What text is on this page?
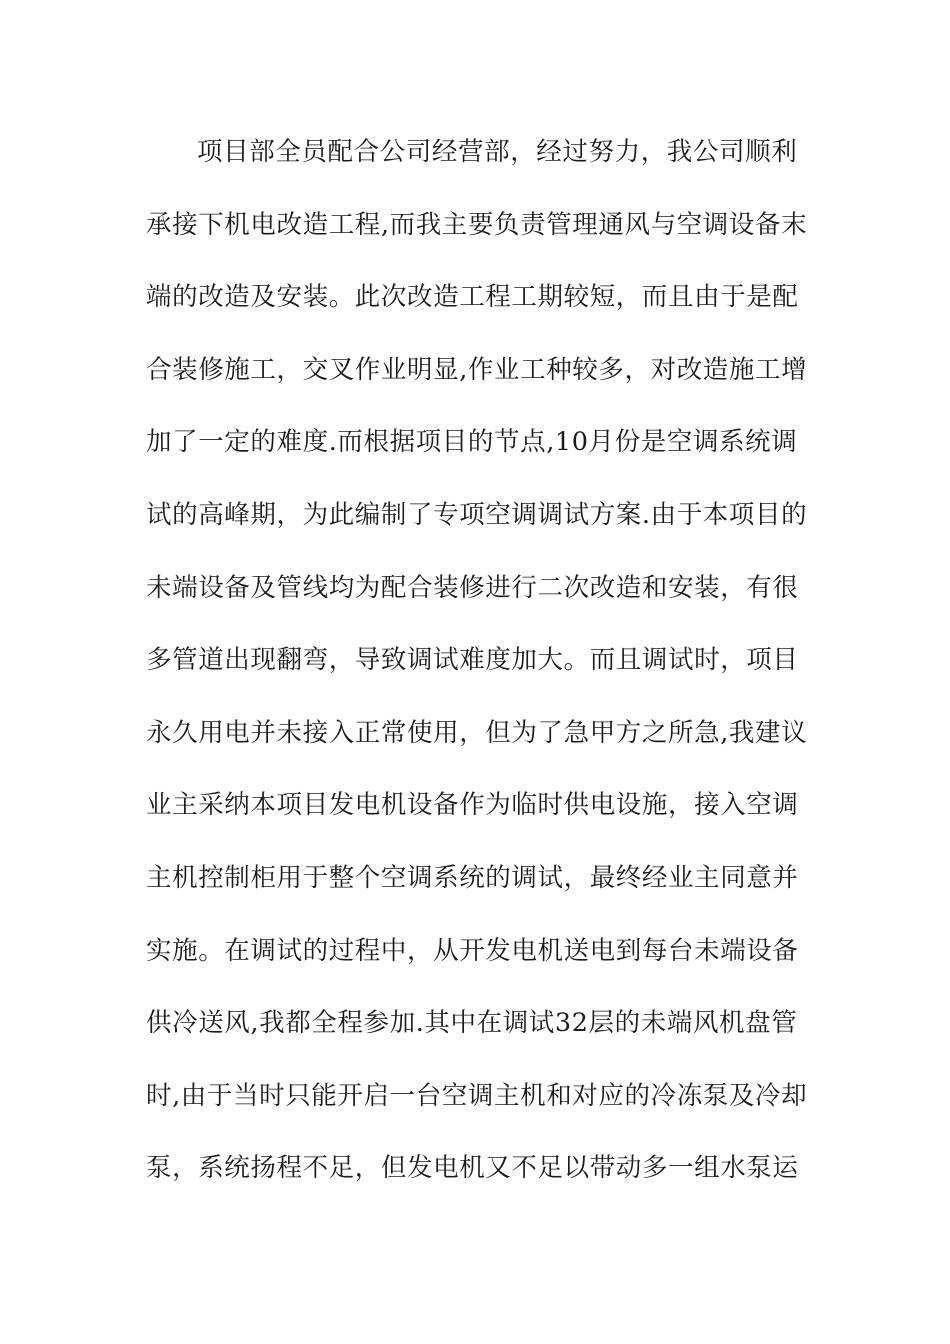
项目部全员配合公司经营部，经过努力，我公司顺利
承接下机电改造工程,而我主要负责管理通风与空调设备末
端的改造及安装。此次改造工程工期较短，而且由于是配
合装修施工，交叉作业明显,作业工种较多，对改造施工增
加了一定的难度.而根据项目的节点,10月份是空调系统调
试的高峰期，为此编制了专项空调调试方案.由于本项目的
未端设备及管线均为配合装修进行二次改造和安装，有很
多管道出现翻弯，导致调试难度加大。而且调试时，项目
永久用电并未接入正常使用，但为了急甲方之所急,我建议
业主采纳本项目发电机设备作为临时供电设施，接入空调
主机控制柜用于整个空调系统的调试，最终经业主同意并
实施。在调试的过程中，从开发电机送电到每台未端设备
供冷送风,我都全程参加.其中在调试32层的未端风机盘管
时,由于当时只能开启一台空调主机和对应的冷冻泵及冷却
泵，系统扬程不足，但发电机又不足以带动多一组水泵运
